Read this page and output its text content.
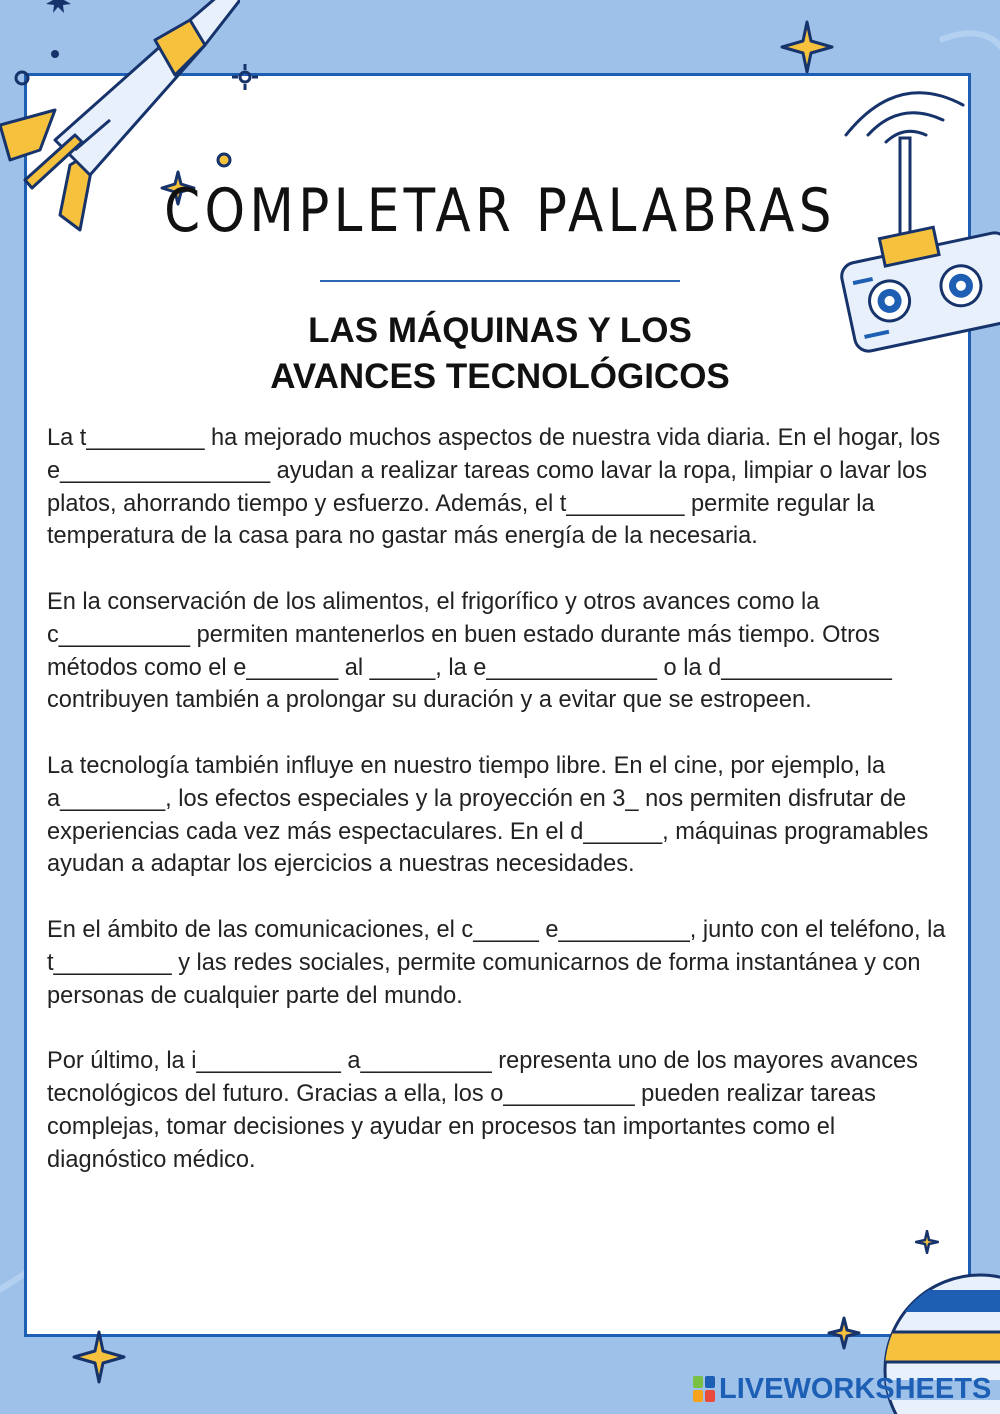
COMPLETAR PALABRAS
LAS MÁQUINAS Y LOS
AVANCES TECNOLÓGICOS

La t_________ ha mejorado muchos aspectos de nuestra vida diaria. En el hogar, los e________________ ayudan a realizar tareas como lavar la ropa, limpiar o lavar los platos, ahorrando tiempo y esfuerzo. Además, el t_________ permite regular la temperatura de la casa para no gastar más energía de la necesaria.

En la conservación de los alimentos, el frigorífico y otros avances como la c__________ permiten mantenerlos en buen estado durante más tiempo. Otros métodos como el e_______ al _____, la e_____________ o la d_____________ contribuyen también a prolongar su duración y a evitar que se estropeen.

La tecnología también influye en nuestro tiempo libre. En el cine, por ejemplo, la a________, los efectos especiales y la proyección en 3_ nos permiten disfrutar de experiencias cada vez más espectaculares. En el d______, máquinas programables ayudan a adaptar los ejercicios a nuestras necesidades.

En el ámbito de las comunicaciones, el c_____ e__________, junto con el teléfono, la t_________ y las redes sociales, permite comunicarnos de forma instantánea y con personas de cualquier parte del mundo.

Por último, la i___________ a__________ representa uno de los mayores avances tecnológicos del futuro. Gracias a ella, los o__________ pueden realizar tareas complejas, tomar decisiones y ayudar en procesos tan importantes como el diagnóstico médico.

LIVEWORKSHEETS
